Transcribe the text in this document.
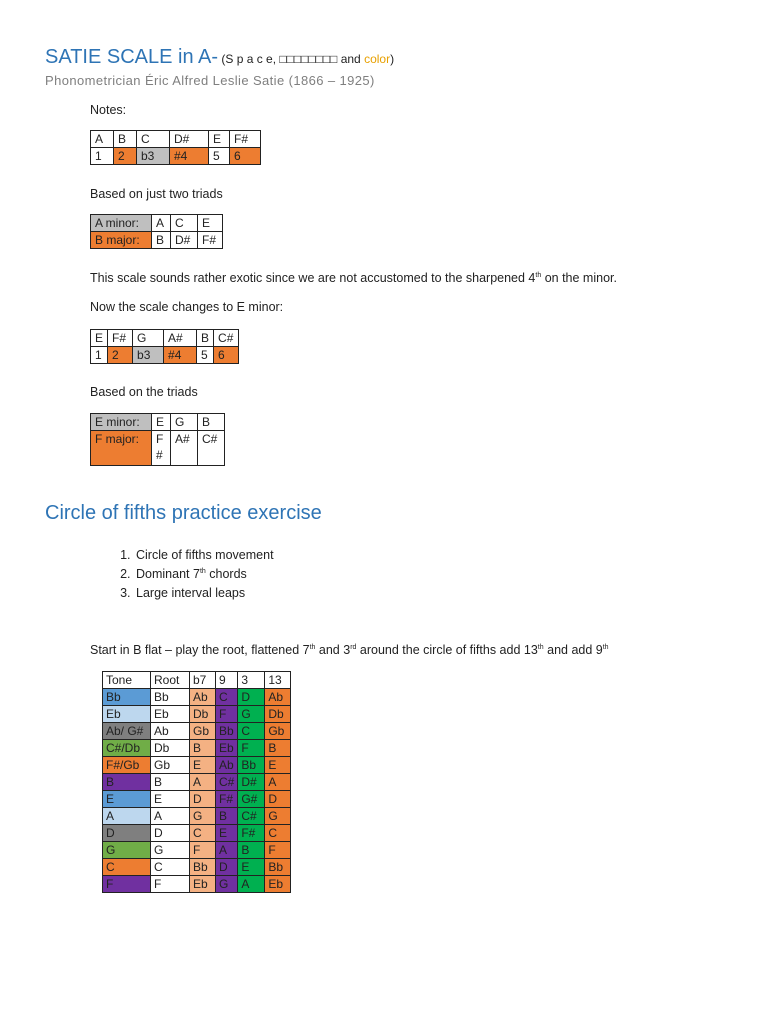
SATIE SCALE in A- (S p a c e, □□□□□□□□ and color)
Phonometrician Éric Alfred Leslie Satie (1866 – 1925)
Notes:
A	B	C	D#	E	F#
1	2	b3	#4	5	6
Based on just two triads
A minor:	A	C	E
B major:	B	D#	F#
This scale sounds rather exotic since we are not accustomed to the sharpened 4th on the minor.
Now the scale changes to E minor:
E	F#	G	A#	B	C#
1	2	b3	#4	5	6
Based on the triads
E minor:	E	G	B
F major:	F #	A#	C#
Circle of fifths practice exercise
1. Circle of fifths movement
2. Dominant 7th chords
3. Large interval leaps
Start in B flat – play the root, flattened 7th and 3rd around the circle of fifths add 13th and add 9th
Tone	Root	b7	9	3	13
Bb	Bb	Ab	C	D	Ab
Eb	Eb	Db	F	G	Db
Ab/ G#	Ab	Gb	Bb	C	Gb
C#/Db	Db	B	Eb	F	B
F#/Gb	Gb	E	Ab	Bb	E
B	B	A	C#	D#	A
E	E	D	F#	G#	D
A	A	G	B	C#	G
D	D	C	E	F#	C
G	G	F	A	B	F
C	C	Bb	D	E	Bb
F	F	Eb	G	A	Eb
